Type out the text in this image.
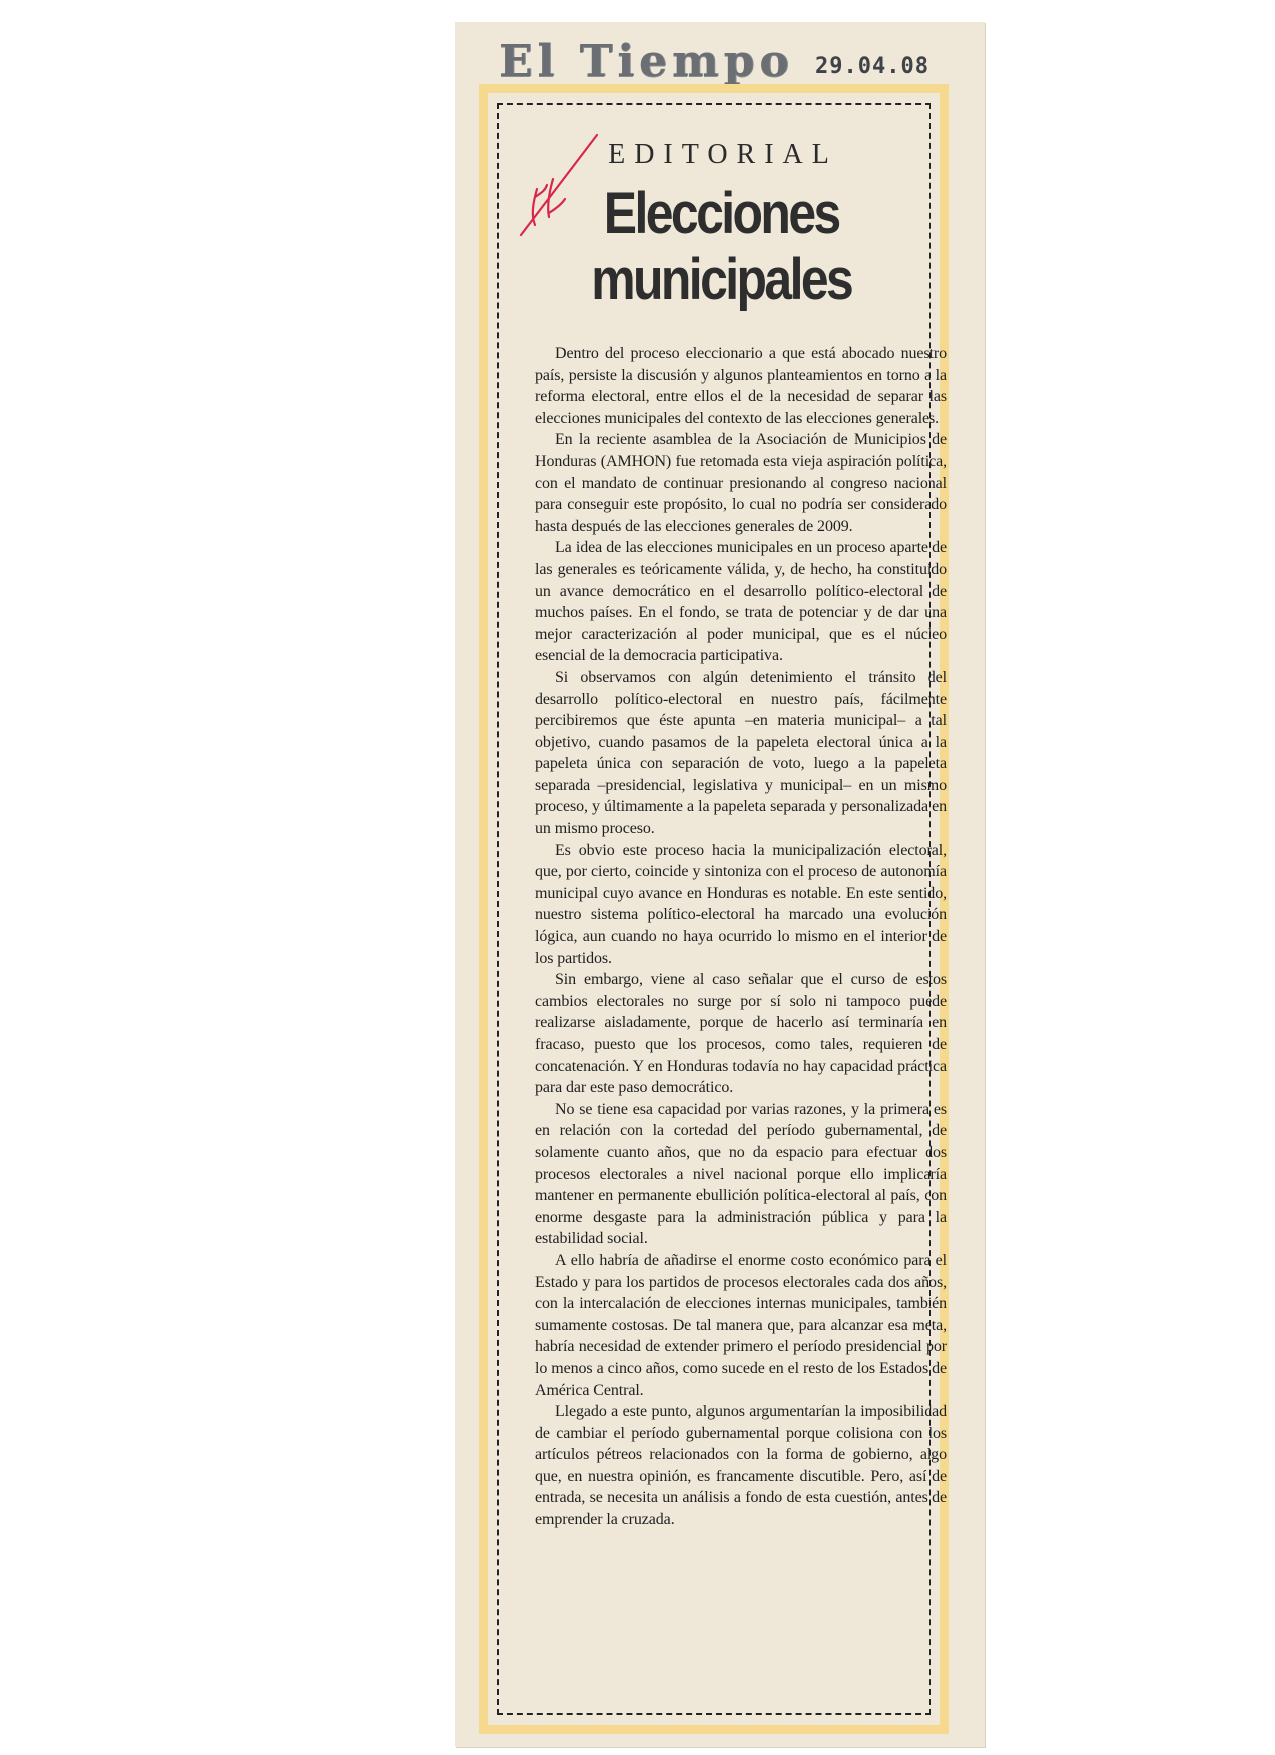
El Tiempo 29.04.08
EDITORIAL
Elecciones
municipales

Dentro del proceso eleccionario a que está abocado nuestro país, persiste la discusión y algunos planteamientos en torno a la reforma electoral, entre ellos el de la necesidad de separar las elecciones municipales del contexto de las elecciones generales.

En la reciente asamblea de la Asociación de Municipios de Honduras (AMHON) fue retomada esta vieja aspiración política, con el mandato de continuar presionando al congreso nacional para conseguir este propósito, lo cual no podría ser considerado hasta después de las elecciones generales de 2009.

La idea de las elecciones municipales en un proceso aparte de las generales es teóricamente válida, y, de hecho, ha constituido un avance democrático en el desarrollo político-electoral de muchos países. En el fondo, se trata de potenciar y de dar una mejor caracterización al poder municipal, que es el núcleo esencial de la democracia participativa.

Si observamos con algún detenimiento el tránsito del desarrollo político-electoral en nuestro país, fácilmente percibiremos que éste apunta –en materia municipal– a tal objetivo, cuando pasamos de la papeleta electoral única a la papeleta única con separación de voto, luego a la papeleta separada –presidencial, legislativa y municipal– en un mismo proceso, y últimamente a la papeleta separada y personalizada en un mismo proceso.

Es obvio este proceso hacia la municipalización electoral, que, por cierto, coincide y sintoniza con el proceso de autonomía municipal cuyo avance en Honduras es notable. En este sentido, nuestro sistema político-electoral ha marcado una evolución lógica, aun cuando no haya ocurrido lo mismo en el interior de los partidos.

Sin embargo, viene al caso señalar que el curso de estos cambios electorales no surge por sí solo ni tampoco puede realizarse aisladamente, porque de hacerlo así terminaría en fracaso, puesto que los procesos, como tales, requieren de concatenación. Y en Honduras todavía no hay capacidad práctica para dar este paso democrático.

No se tiene esa capacidad por varias razones, y la primera es en relación con la cortedad del período gubernamental, de solamente cuanto años, que no da espacio para efectuar dos procesos electorales a nivel nacional porque ello implicaría mantener en permanente ebullición política-electoral al país, con enorme desgaste para la administración pública y para la estabilidad social.

A ello habría de añadirse el enorme costo económico para el Estado y para los partidos de procesos electorales cada dos años, con la intercalación de elecciones internas municipales, también sumamente costosas. De tal manera que, para alcanzar esa meta, habría necesidad de extender primero el período presidencial por lo menos a cinco años, como sucede en el resto de los Estados de América Central.

Llegado a este punto, algunos argumentarían la imposibilidad de cambiar el período gubernamental porque colisiona con los artículos pétreos relacionados con la forma de gobierno, algo que, en nuestra opinión, es francamente discutible. Pero, así de entrada, se necesita un análisis a fondo de esta cuestión, antes de emprender la cruzada.
